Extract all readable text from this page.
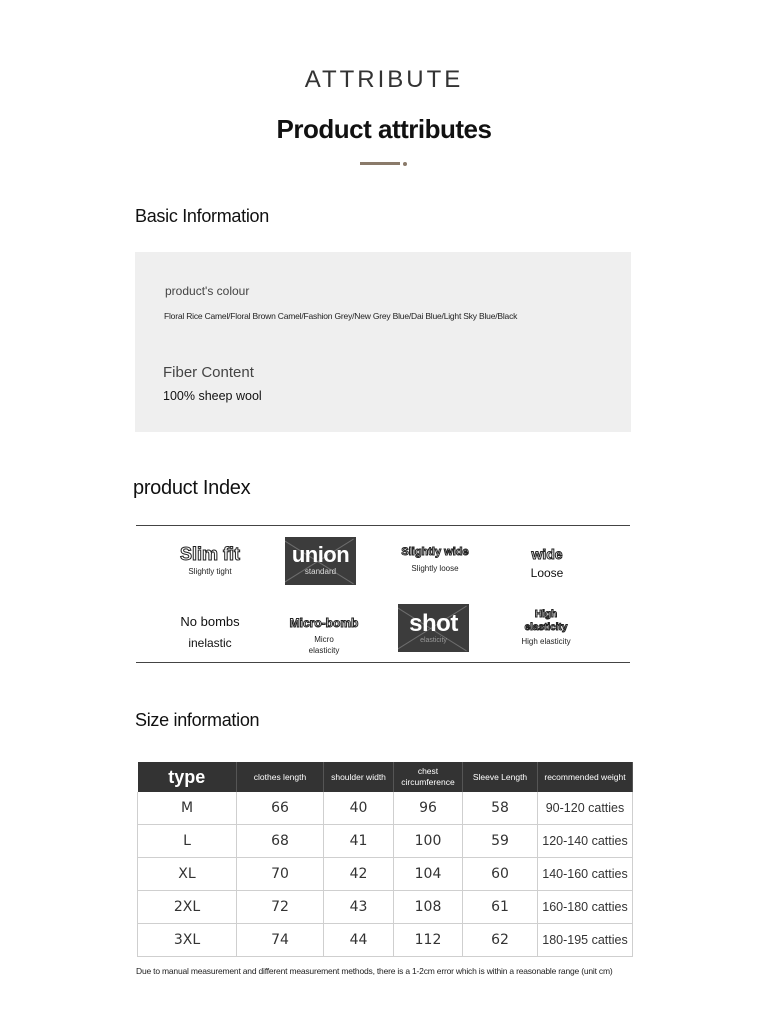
ATTRIBUTE
Product attributes
Basic Information
product's colour
Floral Rice Camel/Floral Brown Camel/Fashion Grey/New Grey Blue/Dai Blue/Light Sky Blue/Black
Fiber Content
100% sheep wool
product Index
Slim fit
Slightly tight
union
standard
Slightly wide
Slightly loose
wide
Loose
No bombs
inelastic
Micro-bomb
Micro elasticity
shot
elasticity
High elasticity
High elasticity
Size information
type	clothes length	shoulder width	chest circumference	Sleeve Length	recommended weight
M	66	40	96	58	90-120 catties
L	68	41	100	59	120-140 catties
XL	70	42	104	60	140-160 catties
2XL	72	43	108	61	160-180 catties
3XL	74	44	112	62	180-195 catties
Due to manual measurement and different measurement methods, there is a 1-2cm error which is within a reasonable range (unit cm)
